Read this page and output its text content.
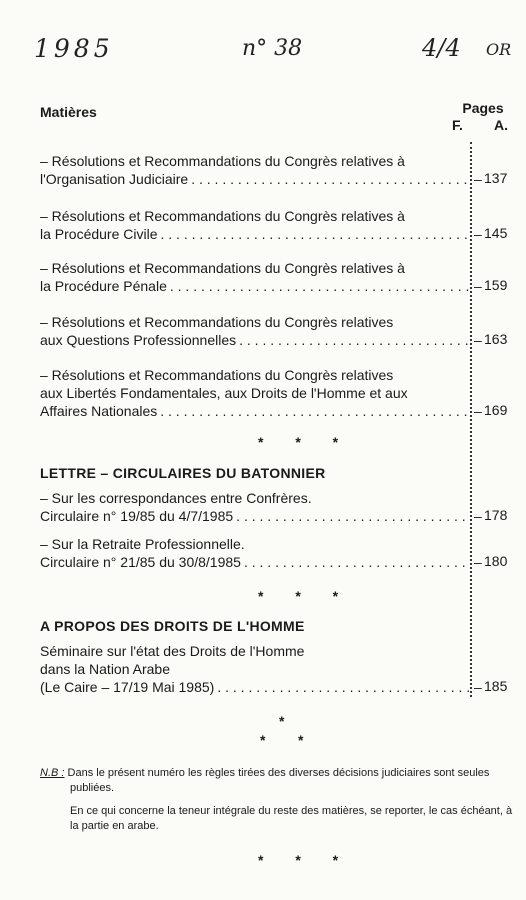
1985	n° 38	4/4 OR
Matières	Pages
F. A.
– Résolutions et Recommandations du Congrès relatives à
l'Organisation Judiciaire . . .	– 137
– Résolutions et Recommandations du Congrès relatives à
la Procédure Civile . . .	– 145
– Résolutions et Recommandations du Congrès relatives à
la Procédure Pénale . . .	– 159
– Résolutions et Recommandations du Congrès relatives
aux Questions Professionnelles . . .	– 163
– Résolutions et Recommandations du Congrès relatives
aux Libertés Fondamentales, aux Droits de l'Homme et aux
Affaires Nationales . . .	– 169
* * *
LETTRE – CIRCULAIRES DU BATONNIER
– Sur les correspondances entre Confrères.
Circulaire n° 19/85 du 4/7/1985 . . .	– 178
– Sur la Retraite Professionnelle.
Circulaire n° 21/85 du 30/8/1985 . . .	– 180
* * *
A PROPOS DES DROITS DE L'HOMME
Séminaire sur l'état des Droits de l'Homme
dans la Nation Arabe
(Le Caire – 17/19 Mai 1985) . . .	– 185
*
* *

N.B : Dans le présent numéro les règles tirées des diverses décisions judiciaires sont seules publiées.

En ce qui concerne la teneur intégrale du reste des matières, se reporter, le cas échéant, à la partie en arabe.

* * *
